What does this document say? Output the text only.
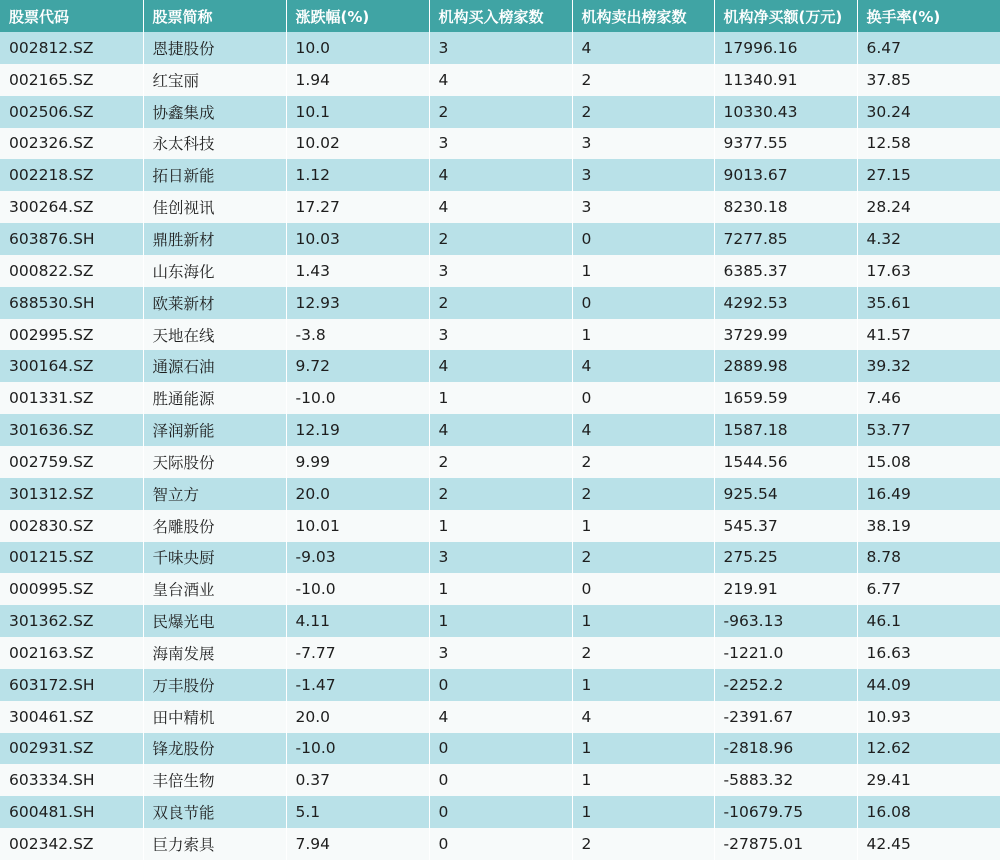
股票代码	股票简称	涨跌幅(%)	机构买入榜家数	机构卖出榜家数	机构净买额(万元)	换手率(%)
002812.SZ	恩捷股份	10.0	3	4	17996.16	6.47
002165.SZ	红宝丽	1.94	4	2	11340.91	37.85
002506.SZ	协鑫集成	10.1	2	2	10330.43	30.24
002326.SZ	永太科技	10.02	3	3	9377.55	12.58
002218.SZ	拓日新能	1.12	4	3	9013.67	27.15
300264.SZ	佳创视讯	17.27	4	3	8230.18	28.24
603876.SH	鼎胜新材	10.03	2	0	7277.85	4.32
000822.SZ	山东海化	1.43	3	1	6385.37	17.63
688530.SH	欧莱新材	12.93	2	0	4292.53	35.61
002995.SZ	天地在线	-3.8	3	1	3729.99	41.57
300164.SZ	通源石油	9.72	4	4	2889.98	39.32
001331.SZ	胜通能源	-10.0	1	0	1659.59	7.46
301636.SZ	泽润新能	12.19	4	4	1587.18	53.77
002759.SZ	天际股份	9.99	2	2	1544.56	15.08
301312.SZ	智立方	20.0	2	2	925.54	16.49
002830.SZ	名雕股份	10.01	1	1	545.37	38.19
001215.SZ	千味央厨	-9.03	3	2	275.25	8.78
000995.SZ	皇台酒业	-10.0	1	0	219.91	6.77
301362.SZ	民爆光电	4.11	1	1	-963.13	46.1
002163.SZ	海南发展	-7.77	3	2	-1221.0	16.63
603172.SH	万丰股份	-1.47	0	1	-2252.2	44.09
300461.SZ	田中精机	20.0	4	4	-2391.67	10.93
002931.SZ	锋龙股份	-10.0	0	1	-2818.96	12.62
603334.SH	丰倍生物	0.37	0	1	-5883.32	29.41
600481.SH	双良节能	5.1	0	1	-10679.75	16.08
002342.SZ	巨力索具	7.94	0	2	-27875.01	42.45
